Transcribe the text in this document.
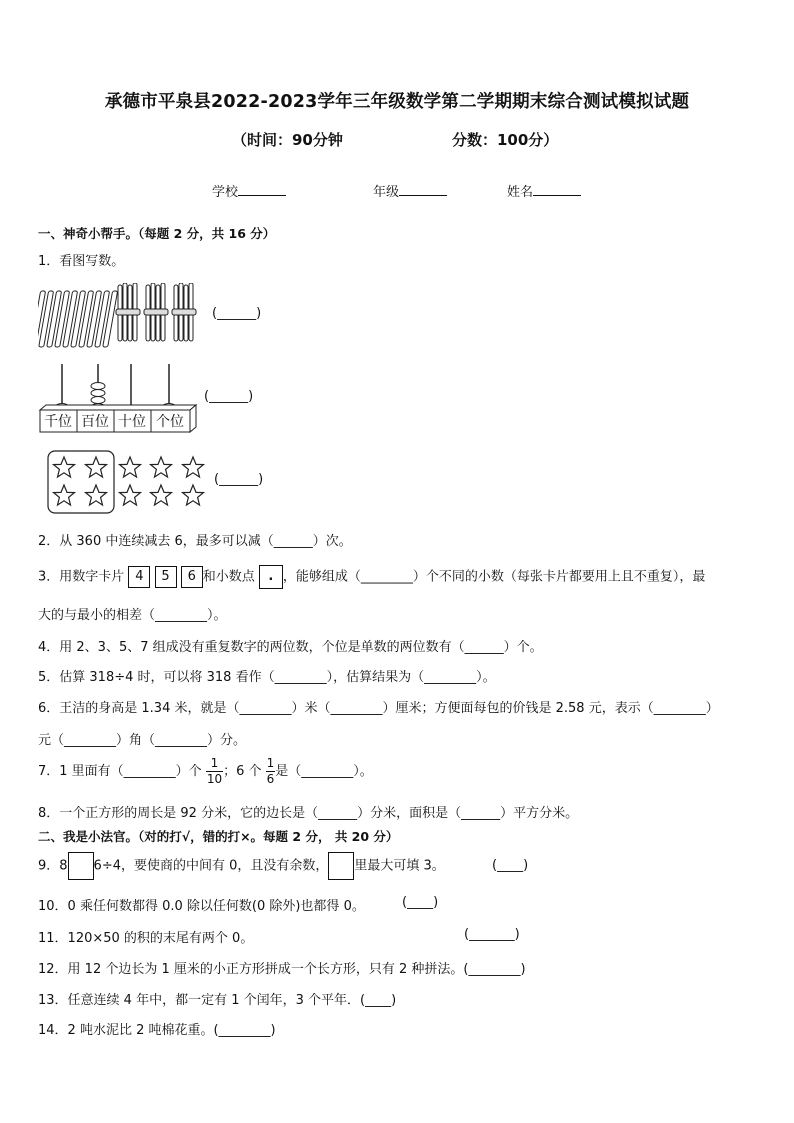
承德市平泉县2022-2023学年三年级数学第二学期期末综合测试模拟试题
（时间：90分钟	分数：100分）
学校	年级	姓名
一、神奇小帮手。（每题 2 分，共 16 分）
1．看图写数。
(______)
千位 百位 十位 个位
(______)
(______)
2．从 360 中连续减去 6，最多可以减（______）次。
3．用数字卡片 4 5 6 和小数点 . ，能够组成（________）个不同的小数（每张卡片都要用上且不重复），最
大的与最小的相差（________）。
4．用 2、3、5、7 组成没有重复数字的两位数，个位是单数的两位数有（______）个。
5．估算 318÷4 时，可以将 318 看作（________），估算结果为（________）。
6．王洁的身高是 1.34 米，就是（________）米（________）厘米；方便面每包的价钱是 2.58 元，表示（________）
元（________）角（________）分。
7．1 里面有（________）个 $\frac{1}{10}$ ；6 个 $\frac{1}{6}$ 是（________）。
8．一个正方形的周长是 92 分米，它的边长是（______）分米，面积是（______）平方分米。
二、我是小法官。（对的打√，错的打×。每题 2 分， 共 20 分）
9．8 6÷4，要使商的中间有 0，且没有余数， 里最大可填 3。	(____)
10．0 乘任何数都得 0.0 除以任何数(0 除外)也都得 0。	(____)
11．120×50 的积的末尾有两个 0。	(_______)
12．用 12 个边长为 1 厘米的小正方形拼成一个长方形，只有 2 种拼法。(________)
13．任意连续 4 年中，都一定有 1 个闰年，3 个平年．(____)
14．2 吨水泥比 2 吨棉花重。(________)
